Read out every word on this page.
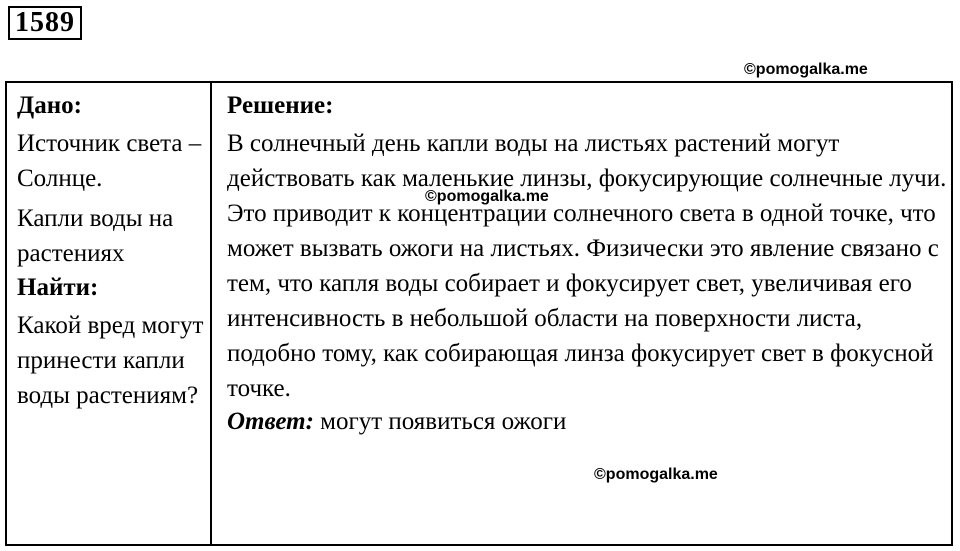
1589
©pomogalka.me
Дано:
Источник света – Солнце.
Капли воды на растениях
Найти:
Какой вред могут принести капли воды растениям?
Решение:
В солнечный день капли воды на листьях растений могут действовать как маленькие линзы, фокусирующие солнечные лучи. Это приводит к концентрации солнечного света в одной точке, что может вызвать ожоги на листьях. Физически это явление связано с тем, что капля воды собирает и фокусирует свет, увеличивая его интенсивность в небольшой области на поверхности листа, подобно тому, как собирающая линза фокусирует свет в фокусной точке.
Ответ: могут появиться ожоги
©pomogalka.me
©pomogalka.me
